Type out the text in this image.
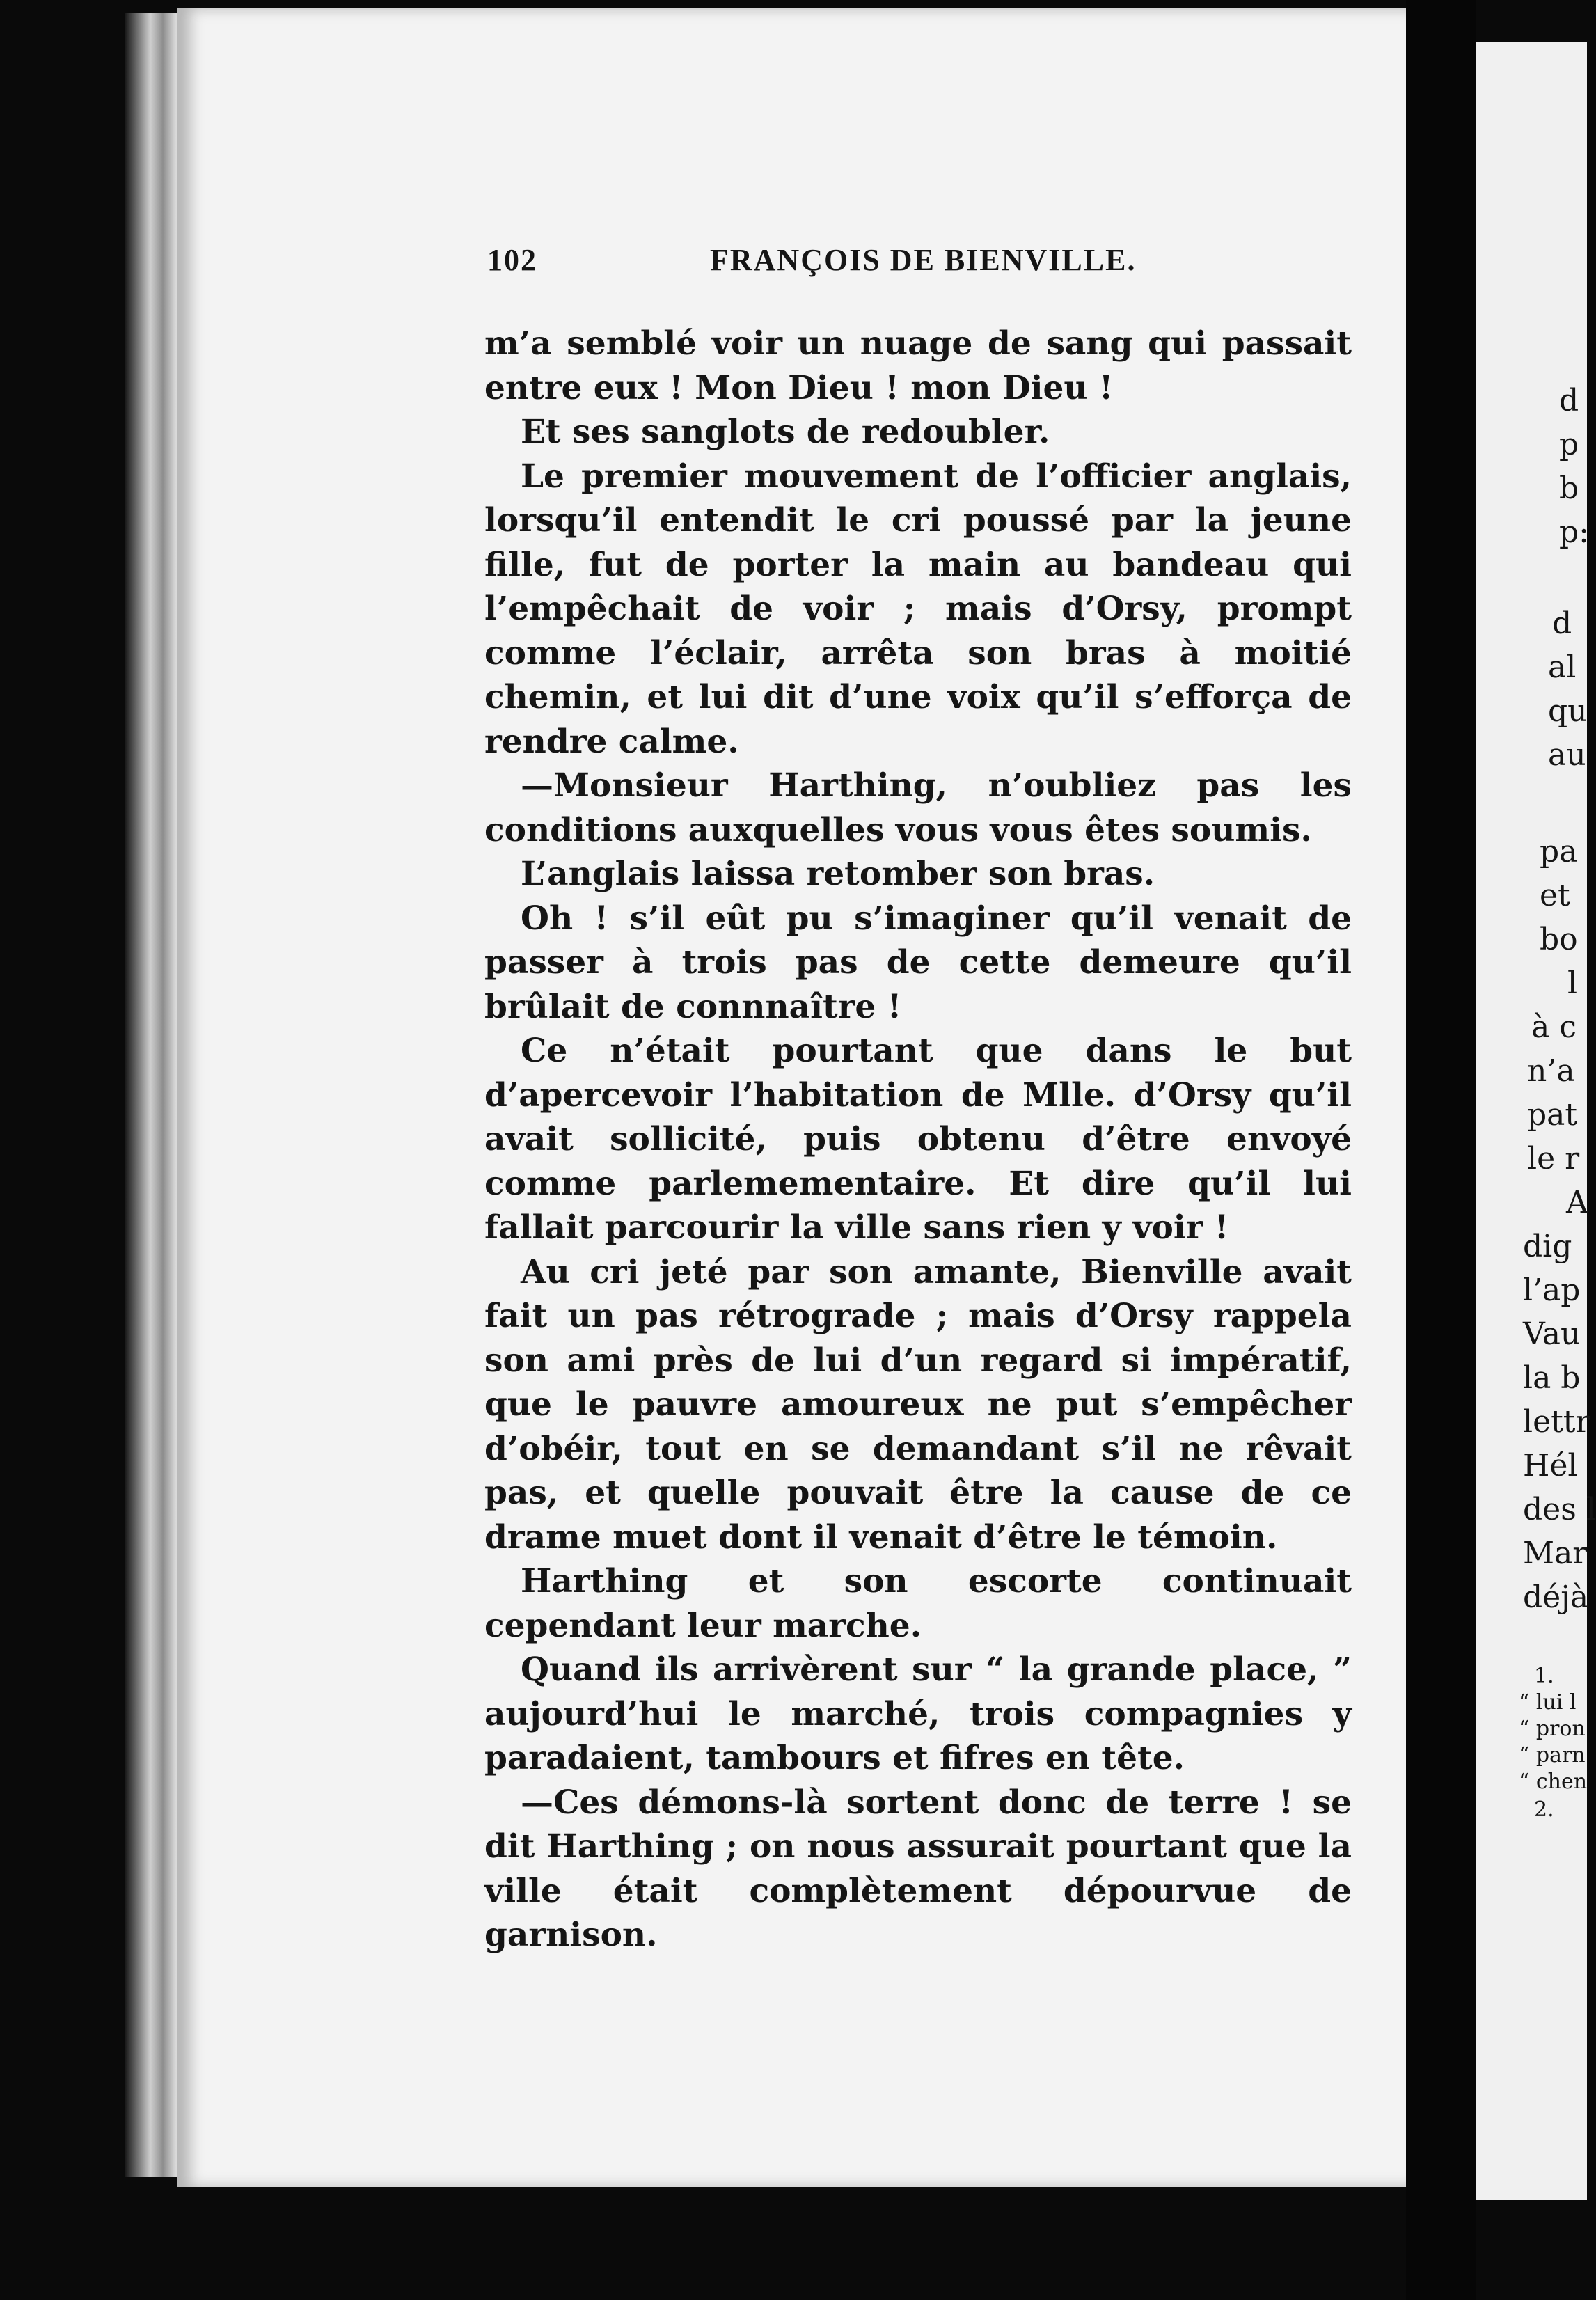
d
p
b
p:
d
al
qu
au
pa
et
bo
l
à c
n’a
pat
le r
A
dig
l’ap
Vau
la b
lettr
Hél
des l
Mar
déjà
1.
“ lui l
“ pron
“ parn
“ chen
2.
102	FRANÇOIS DE BIENVILLE.

m’a semblé voir un nuage de sang qui passait entre eux ! Mon Dieu ! mon Dieu !

Et ses sanglots de redoubler.

Le premier mouvement de l’officier anglais, lorsqu’il entendit le cri poussé par la jeune fille, fut de porter la main au bandeau qui l’empêchait de voir ; mais d’Orsy, prompt comme l’éclair, arrêta son bras à moitié chemin, et lui dit d’une voix qu’il s’efforça de rendre calme.

—Monsieur Harthing, n’oubliez pas les conditions auxquelles vous vous êtes soumis.

L’anglais laissa retomber son bras.

Oh ! s’il eût pu s’imaginer qu’il venait de passer à trois pas de cette demeure qu’il brûlait de connnaître !

Ce n’était pourtant que dans le but d’apercevoir l’habitation de Mlle. d’Orsy qu’il avait sollicité, puis obtenu d’être envoyé comme parlemementaire. Et dire qu’il lui fallait parcourir la ville sans rien y voir !

Au cri jeté par son amante, Bienville avait fait un pas rétrograde ; mais d’Orsy rappela son ami près de lui d’un regard si impératif, que le pauvre amoureux ne put s’empêcher d’obéir, tout en se demandant s’il ne rêvait pas, et quelle pouvait être la cause de ce drame muet dont il venait d’être le témoin.

Harthing et son escorte continuait cependant leur marche.

Quand ils arrivèrent sur “ la grande place, ” aujourd’hui le marché, trois compagnies y paradaient, tambours et fifres en tête.

—Ces démons-là sortent donc de terre ! se dit Harthing ; on nous assurait pourtant que la ville était complètement dépourvue de garnison.
